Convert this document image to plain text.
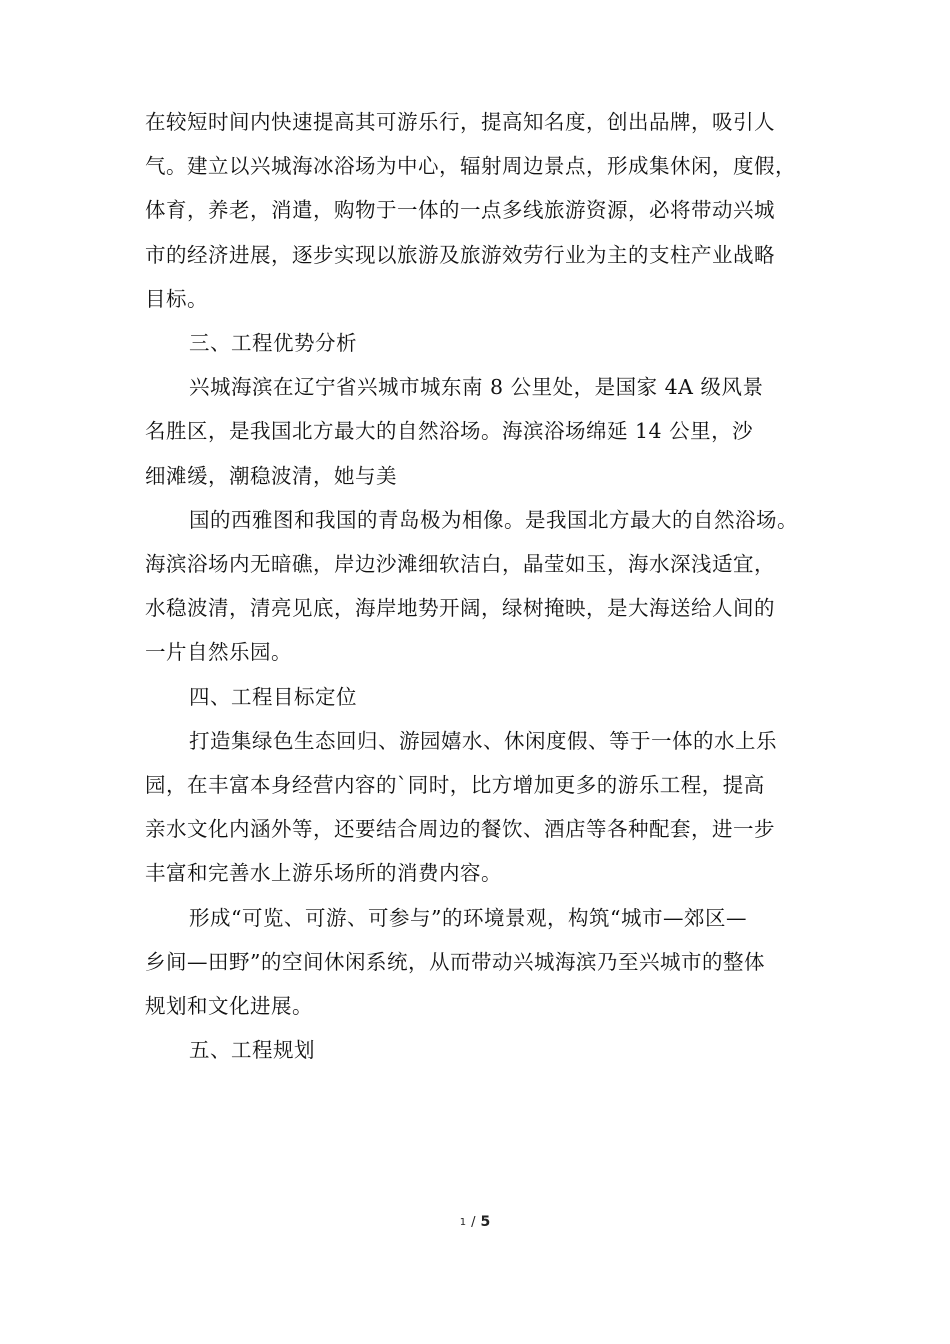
在较短时间内快速提高其可游乐行，提高知名度，创出品牌，吸引人

气。建立以兴城海冰浴场为中心，辐射周边景点，形成集休闲，度假，

体育，养老，消遣，购物于一体的一点多线旅游资源，必将带动兴城

市的经济进展，逐步实现以旅游及旅游效劳行业为主的支柱产业战略

目标。

三、工程优势分析

兴城海滨在辽宁省兴城市城东南 8 公里处，是国家 4A 级风景

名胜区，是我国北方最大的自然浴场。海滨浴场绵延 14 公里，沙

细滩缓，潮稳波清，她与美

国的西雅图和我国的青岛极为相像。是我国北方最大的自然浴场。

海滨浴场内无暗礁，岸边沙滩细软洁白，晶莹如玉，海水深浅适宜，

水稳波清，清亮见底，海岸地势开阔，绿树掩映，是大海送给人间的

一片自然乐园。

四、工程目标定位

打造集绿色生态回归、游园嬉水、休闲度假、等于一体的水上乐

园，在丰富本身经营内容的`同时，比方增加更多的游乐工程，提高

亲水文化内涵外等，还要结合周边的餐饮、酒店等各种配套，进一步

丰富和完善水上游乐场所的消费内容。

形成“可览、可游、可参与”的环境景观，构筑“城市—郊区—

乡间—田野”的空间休闲系统，从而带动兴城海滨乃至兴城市的整体

规划和文化进展。

五、工程规划

1 / 5
